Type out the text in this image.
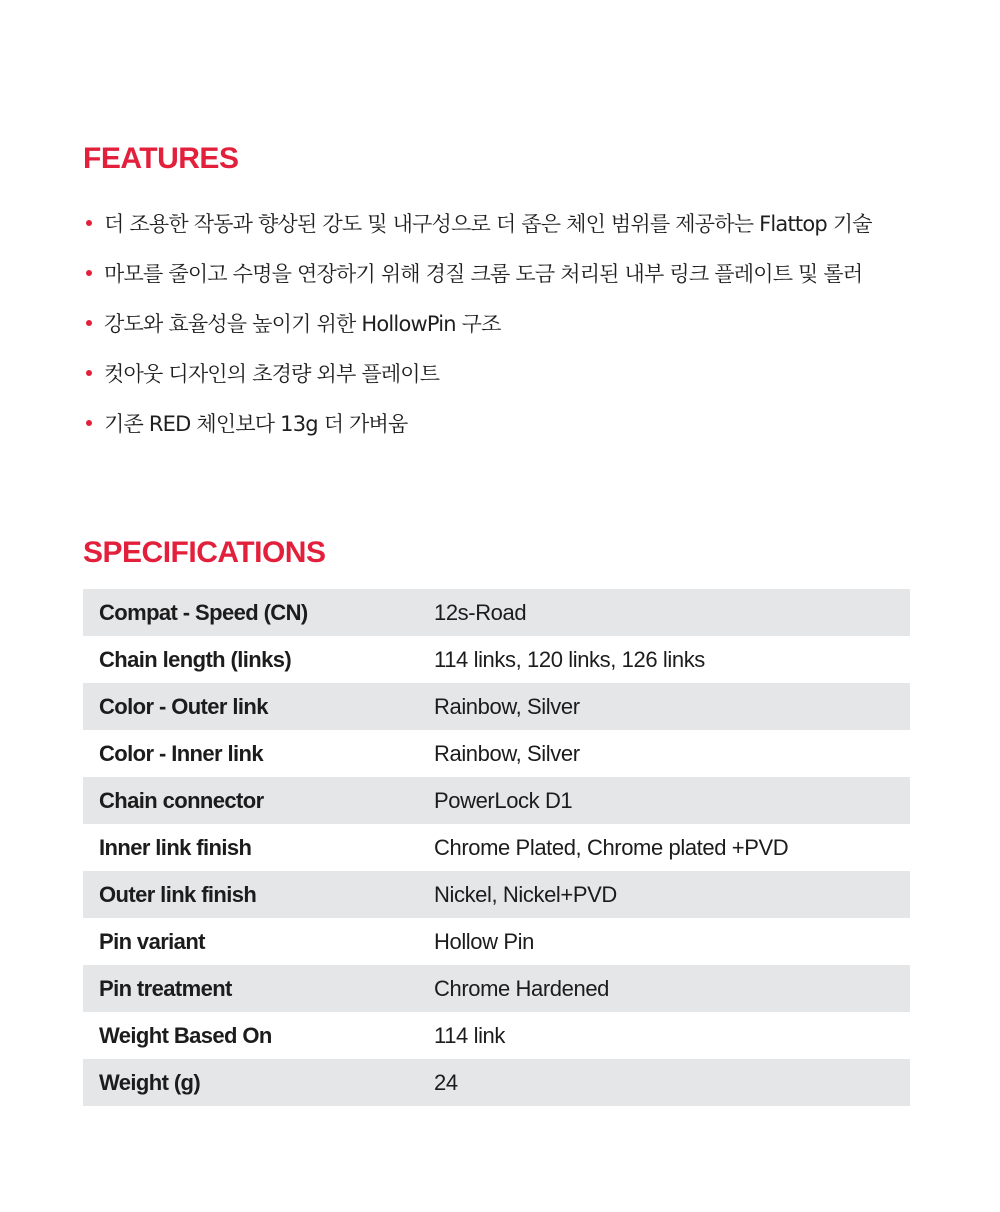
FEATURES
더 조용한 작동과 향상된 강도 및 내구성으로 더 좁은 체인 범위를 제공하는 Flattop 기술
마모를 줄이고 수명을 연장하기 위해 경질 크롬 도금 처리된 내부 링크 플레이트 및 롤러
강도와 효율성을 높이기 위한 HollowPin 구조
컷아웃 디자인의 초경량 외부 플레이트
기존 RED 체인보다 13g 더 가벼움
SPECIFICATIONS
Compat - Speed (CN)	12s-Road
Chain length (links)	114 links, 120 links, 126 links
Color - Outer link	Rainbow, Silver
Color - Inner link	Rainbow, Silver
Chain connector	PowerLock D1
Inner link finish	Chrome Plated, Chrome plated +PVD
Outer link finish	Nickel, Nickel+PVD
Pin variant	Hollow Pin
Pin treatment	Chrome Hardened
Weight Based On	114 link
Weight (g)	24
